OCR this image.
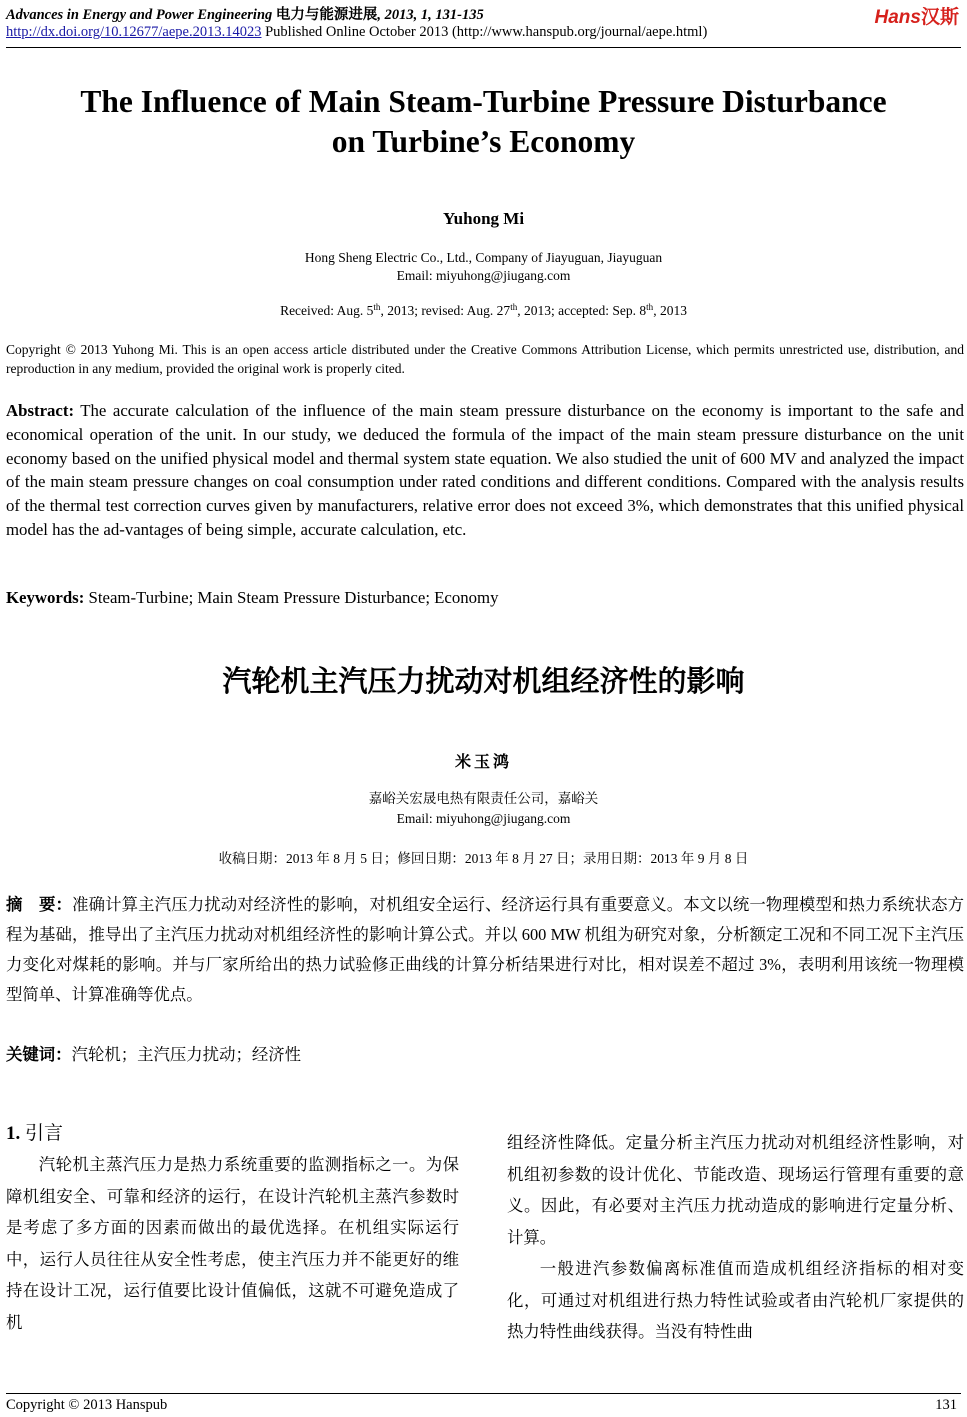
Advances in Energy and Power Engineering 电力与能源进展, 2013, 1, 131-135
http://dx.doi.org/10.12677/aepe.2013.14023 Published Online October 2013 (http://www.hanspub.org/journal/aepe.html)
Hans汉斯
The Influence of Main Steam-Turbine Pressure Disturbance
on Turbine’s Economy
Yuhong Mi
Hong Sheng Electric Co., Ltd., Company of Jiayuguan, Jiayuguan
Email: miyuhong@jiugang.com
Received: Aug. 5th, 2013; revised: Aug. 27th, 2013; accepted: Sep. 8th, 2013
Copyright © 2013 Yuhong Mi. This is an open access article distributed under the Creative Commons Attribution License, which permits unrestricted use, distribution, and reproduction in any medium, provided the original work is properly cited.
Abstract: The accurate calculation of the influence of the main steam pressure disturbance on the economy is important to the safe and economical operation of the unit. In our study, we deduced the formula of the impact of the main steam pressure disturbance on the unit economy based on the unified physical model and thermal system state equation. We also studied the unit of 600 MV and analyzed the impact of the main steam pressure changes on coal consumption under rated conditions and different conditions. Compared with the analysis results of the thermal test correction curves given by manufacturers, relative error does not exceed 3%, which demonstrates that this unified physical model has the ad-vantages of being simple, accurate calculation, etc.
Keywords: Steam-Turbine; Main Steam Pressure Disturbance; Economy
汽轮机主汽压力扰动对机组经济性的影响
米玉鸿
嘉峪关宏晟电热有限责任公司，嘉峪关
Email: miyuhong@jiugang.com
收稿日期：2013 年 8 月 5 日；修回日期：2013 年 8 月 27 日；录用日期：2013 年 9 月 8 日
摘　要：准确计算主汽压力扰动对经济性的影响，对机组安全运行、经济运行具有重要意义。本文以统一物理模型和热力系统状态方程为基础，推导出了主汽压力扰动对机组经济性的影响计算公式。并以 600 MW 机组为研究对象，分析额定工况和不同工况下主汽压力变化对煤耗的影响。并与厂家所给出的热力试验修正曲线的计算分析结果进行对比，相对误差不超过 3%，表明利用该统一物理模型简单、计算准确等优点。
关键词：汽轮机；主汽压力扰动；经济性
1. 引言

汽轮机主蒸汽压力是热力系统重要的监测指标之一。为保障机组安全、可靠和经济的运行，在设计汽轮机主蒸汽参数时是考虑了多方面的因素而做出的最优选择。在机组实际运行中，运行人员往往从安全性考虑，使主汽压力并不能更好的维持在设计工况，运行值要比设计值偏低，这就不可避免造成了机

组经济性降低。定量分析主汽压力扰动对机组经济性影响，对机组初参数的设计优化、节能改造、现场运行管理有重要的意义。因此，有必要对主汽压力扰动造成的影响进行定量分析、计算。

一般进汽参数偏离标准值而造成机组经济指标的相对变化，可通过对机组进行热力特性试验或者由汽轮机厂家提供的热力特性曲线获得。当没有特性曲

Copyright © 2013 Hanspub	131
